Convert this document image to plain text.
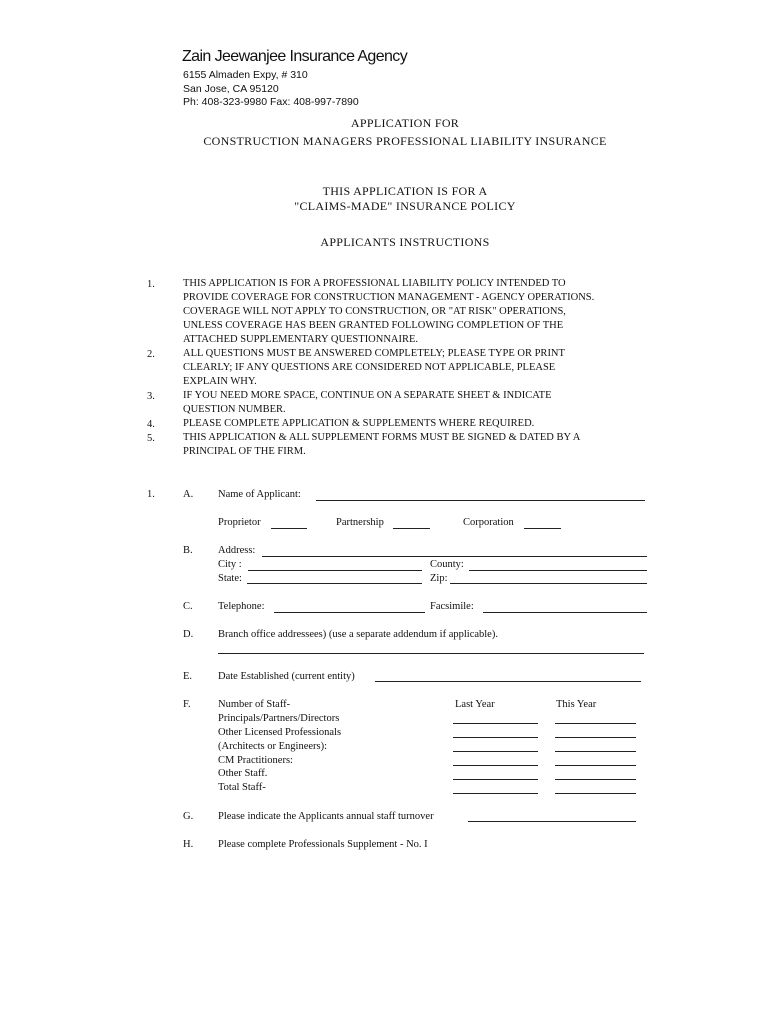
Zain Jeewanjee Insurance Agency
6155 Almaden Expy, # 310
San Jose, CA 95120
Ph: 408-323-9980 Fax: 408-997-7890
APPLICATION FOR
CONSTRUCTION MANAGERS PROFESSIONAL LIABILITY INSURANCE
THIS APPLICATION IS FOR A
"CLAIMS-MADE" INSURANCE POLICY
APPLICANTS INSTRUCTIONS
1.	THIS APPLICATION IS FOR A PROFESSIONAL LIABILITY POLICY INTENDED TO
PROVIDE COVERAGE FOR CONSTRUCTION MANAGEMENT - AGENCY OPERATIONS.
COVERAGE WILL NOT APPLY TO CONSTRUCTION, OR "AT RISK" OPERATIONS,
UNLESS COVERAGE HAS BEEN GRANTED FOLLOWING COMPLETION OF THE
ATTACHED SUPPLEMENTARY QUESTIONNAIRE.
2.	ALL QUESTIONS MUST BE ANSWERED COMPLETELY; PLEASE TYPE OR PRINT
CLEARLY; IF ANY QUESTIONS ARE CONSIDERED NOT APPLICABLE, PLEASE
EXPLAIN WHY.
3.	IF YOU NEED MORE SPACE, CONTINUE ON A SEPARATE SHEET & INDICATE
QUESTION NUMBER.
4.	PLEASE COMPLETE APPLICATION & SUPPLEMENTS WHERE REQUIRED.
5.	THIS APPLICATION & ALL SUPPLEMENT FORMS MUST BE SIGNED & DATED BY A
PRINCIPAL OF THE FIRM.
1.	A. Name of Applicant:
Proprietor	Partnership	Corporation
B. Address:
City :	County:
State:	Zip:
C. Telephone:	Facsimile:
D. Branch office addressees) (use a separate addendum if applicable).
E. Date Established (current entity)
F.	Number of Staff-	Last Year	This Year
Principals/Partners/Directors
Other Licensed Professionals
(Architects or Engineers):
CM Practitioners:
Other Staff.
Total Staff-
G. Please indicate the Applicants annual staff turnover
H. Please complete Professionals Supplement - No. I
